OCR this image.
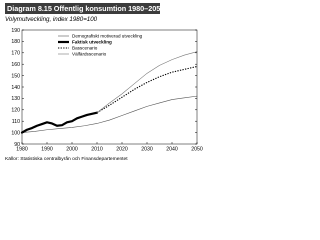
Diagram 8.15 Offentlig konsumtion 1980–2050
Volymutveckling, index 1980=100
1980	1990	2000	2010	2020	2030	2040	2050
90
100
110
120
130
140
150
160
170
180
190
Demografiskt motiverad utveckling
Faktisk utveckling
Basscenario
Välfärdsscenario
Källor: Statistiska centralbyrån och Finansdepartementet
